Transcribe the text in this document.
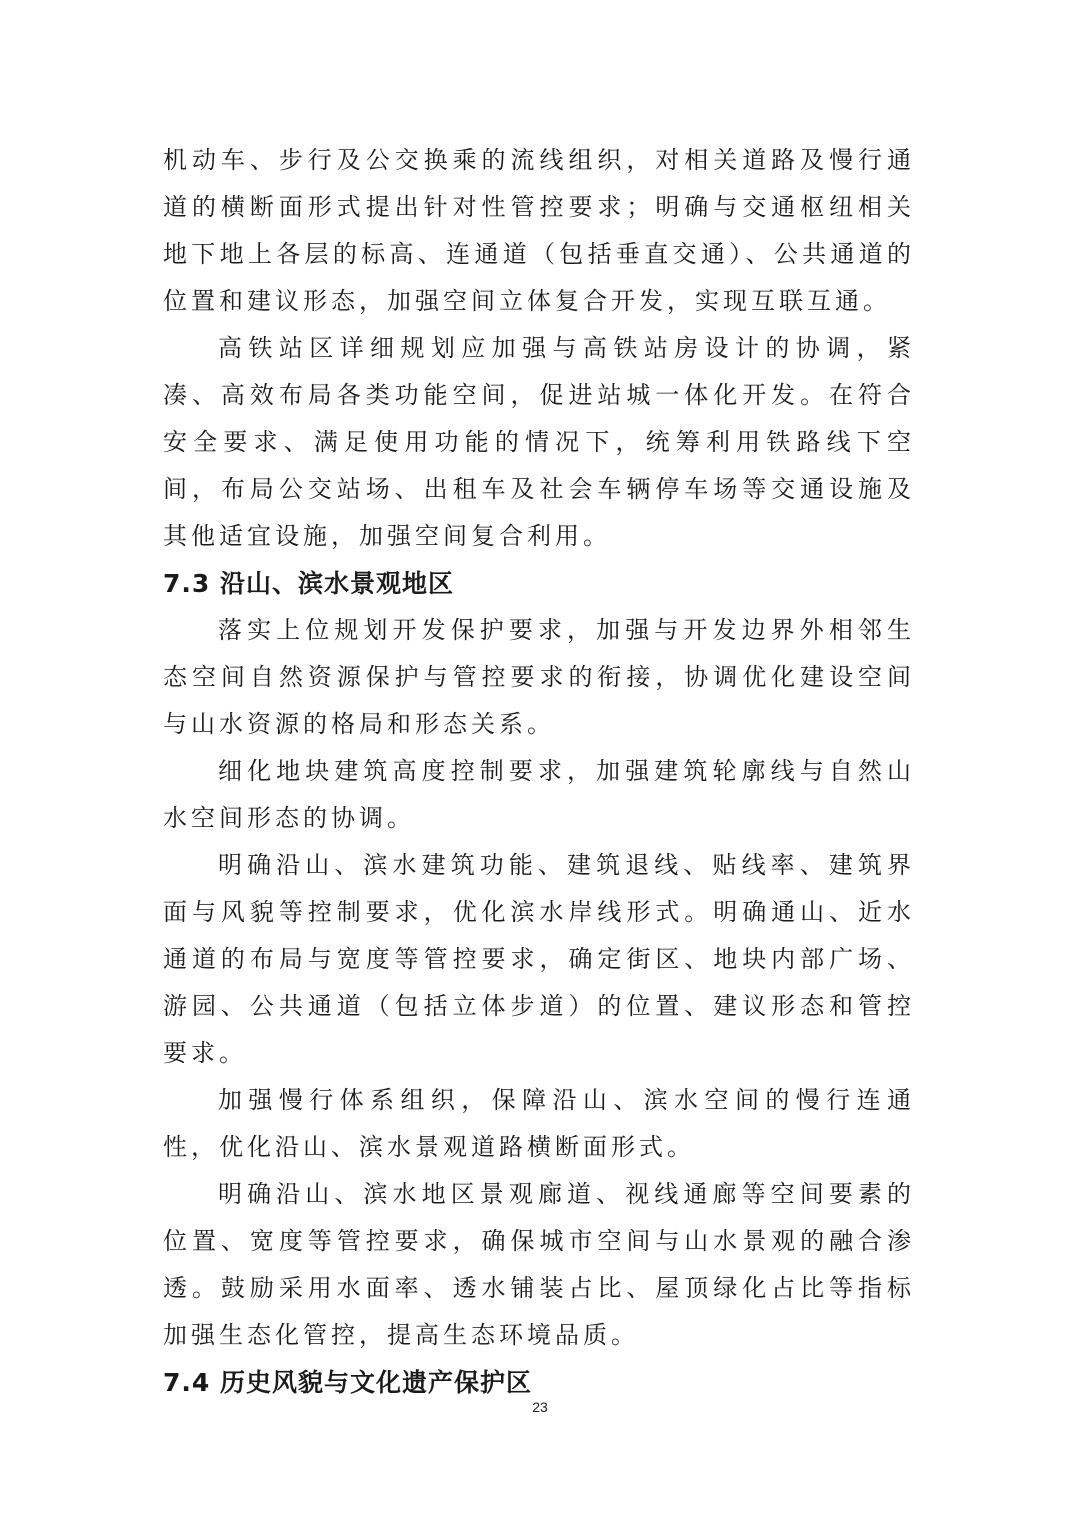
机动车、步行及公交换乘的流线组织，对相关道路及慢行通道的横断面形式提出针对性管控要求；明确与交通枢纽相关地下地上各层的标高、连通道（包括垂直交通）、公共通道的位置和建议形态，加强空间立体复合开发，实现互联互通。

高铁站区详细规划应加强与高铁站房设计的协调，紧凑、高效布局各类功能空间，促进站城一体化开发。在符合安全要求、满足使用功能的情况下，统筹利用铁路线下空间，布局公交站场、出租车及社会车辆停车场等交通设施及其他适宜设施，加强空间复合利用。

7.3 沿山、滨水景观地区

落实上位规划开发保护要求，加强与开发边界外相邻生态空间自然资源保护与管控要求的衔接，协调优化建设空间与山水资源的格局和形态关系。

细化地块建筑高度控制要求，加强建筑轮廓线与自然山水空间形态的协调。

明确沿山、滨水建筑功能、建筑退线、贴线率、建筑界面与风貌等控制要求，优化滨水岸线形式。明确通山、近水通道的布局与宽度等管控要求，确定街区、地块内部广场、游园、公共通道（包括立体步道）的位置、建议形态和管控要求。

加强慢行体系组织，保障沿山、滨水空间的慢行连通性，优化沿山、滨水景观道路横断面形式。

明确沿山、滨水地区景观廊道、视线通廊等空间要素的位置、宽度等管控要求，确保城市空间与山水景观的融合渗透。鼓励采用水面率、透水铺装占比、屋顶绿化占比等指标加强生态化管控，提高生态环境品质。

7.4 历史风貌与文化遗产保护区
23
